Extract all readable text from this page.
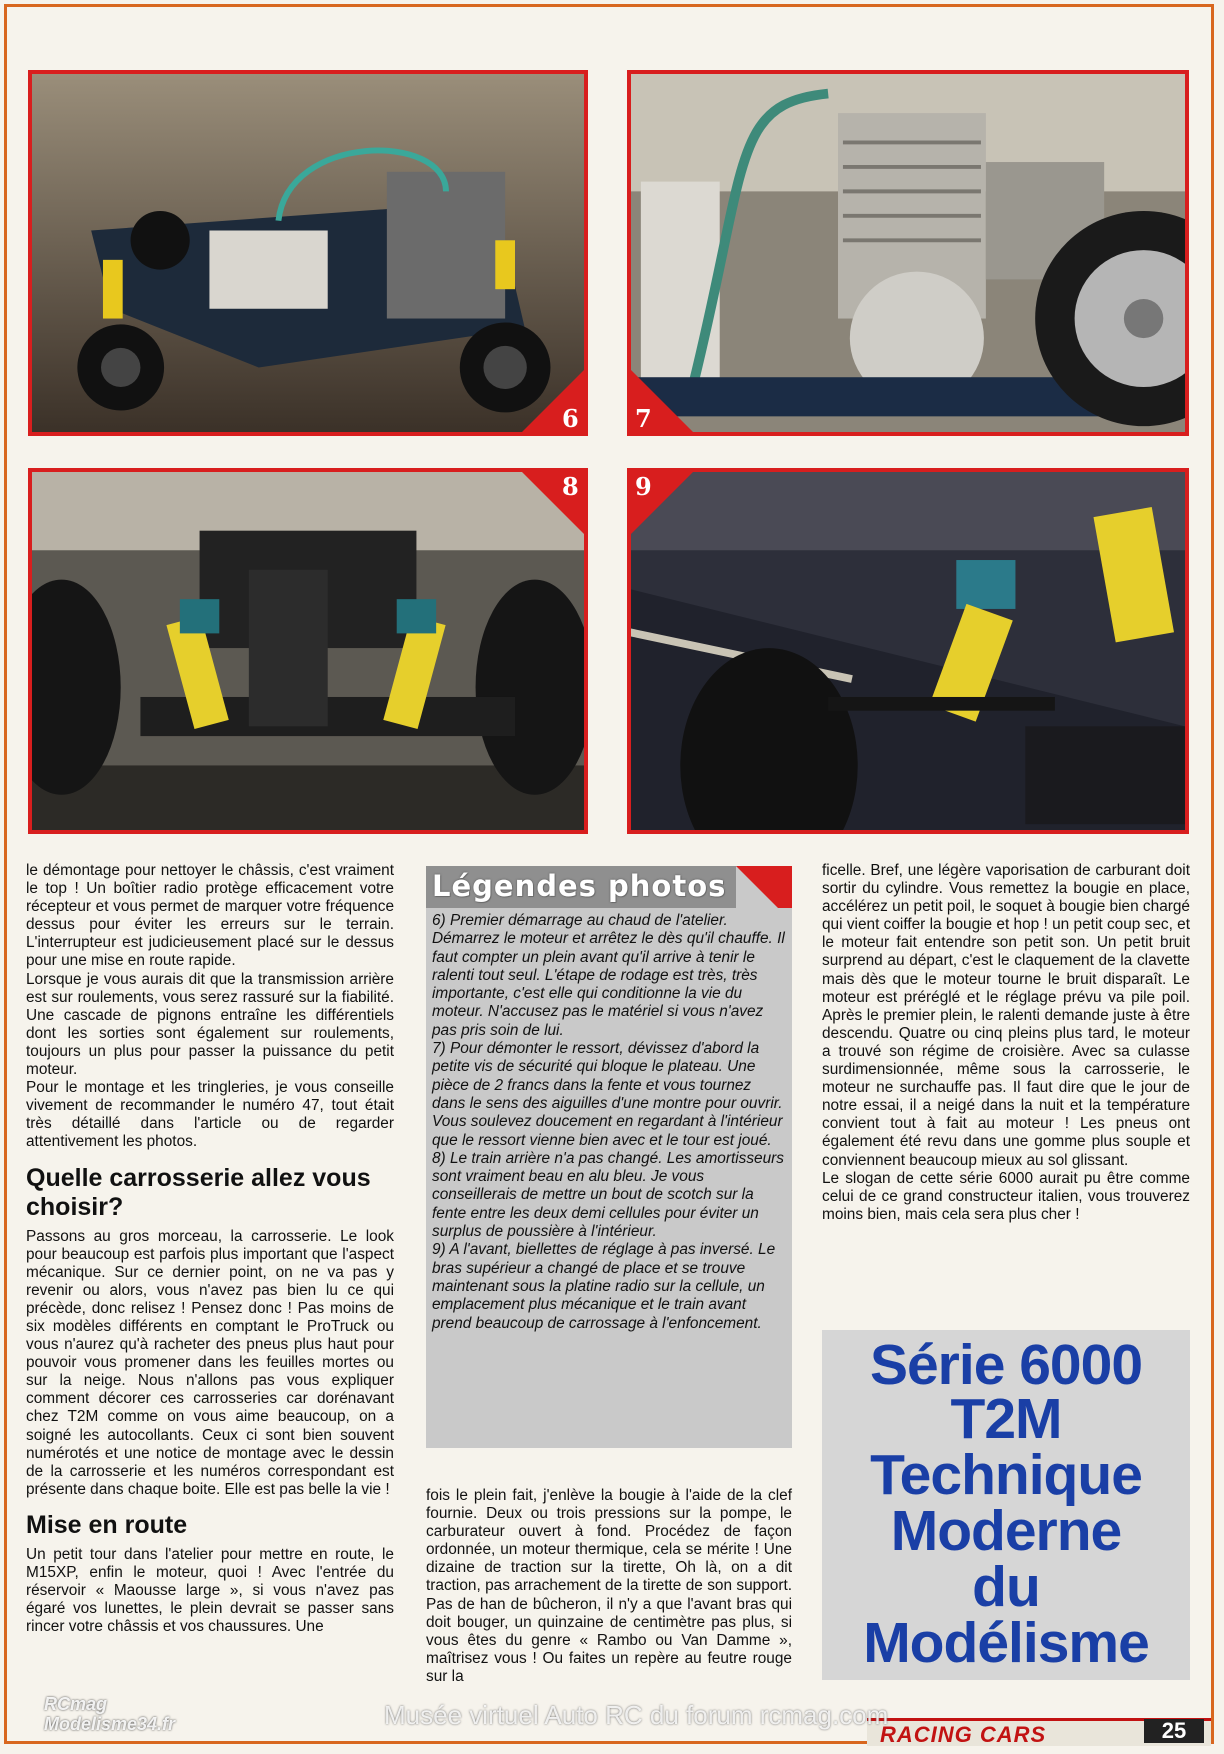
6 7
8 9

le démontage pour nettoyer le châssis, c'est vraiment le top ! Un boîtier radio protège efficacement votre récepteur et vous permet de marquer votre fréquence dessus pour éviter les erreurs sur le terrain. L'interrupteur est judicieusement placé sur le dessus pour une mise en route rapide.

Lorsque je vous aurais dit que la transmission arrière est sur roulements, vous serez rassuré sur la fiabilité. Une cascade de pignons entraîne les différentiels dont les sorties sont également sur roulements, toujours un plus pour passer la puissance du petit moteur.

Pour le montage et les tringleries, je vous conseille vivement de recommander le numéro 47, tout était très détaillé dans l'article ou de regarder attentivement les photos.

Quelle carrosserie allez vous choisir?

Passons au gros morceau, la carrosserie. Le look pour beaucoup est parfois plus important que l'aspect mécanique. Sur ce dernier point, on ne va pas y revenir ou alors, vous n'avez pas bien lu ce qui précède, donc relisez ! Pensez donc ! Pas moins de six modèles différents en comptant le ProTruck ou vous n'aurez qu'à racheter des pneus plus haut pour pouvoir vous promener dans les feuilles mortes ou sur la neige. Nous n'allons pas vous expliquer comment décorer ces carrosseries car dorénavant chez T2M comme on vous aime beaucoup, on a soigné les autocollants. Ceux ci sont bien souvent numérotés et une notice de montage avec le dessin de la carrosserie et les numéros correspondant est présente dans chaque boite. Elle est pas belle la vie !

Mise en route

Un petit tour dans l'atelier pour mettre en route, le M15XP, enfin le moteur, quoi ! Avec l'entrée du réservoir « Maousse large », si vous n'avez pas égaré vos lunettes, le plein devrait se passer sans rincer votre châssis et vos chaussures. Une

Légendes photos

6) Premier démarrage au chaud de l'atelier. Démarrez le moteur et arrêtez le dès qu'il chauffe. Il faut compter un plein avant qu'il arrive à tenir le ralenti tout seul. L'étape de rodage est très, très importante, c'est elle qui conditionne la vie du moteur. N'accusez pas le matériel si vous n'avez pas pris soin de lui.

7) Pour démonter le ressort, dévissez d'abord la petite vis de sécurité qui bloque le plateau. Une pièce de 2 francs dans la fente et vous tournez dans le sens des aiguilles d'une montre pour ouvrir. Vous soulevez doucement en regardant à l'intérieur que le ressort vienne bien avec et le tour est joué.

8) Le train arrière n'a pas changé. Les amortisseurs sont vraiment beau en alu bleu. Je vous conseillerais de mettre un bout de scotch sur la fente entre les deux demi cellules pour éviter un surplus de poussière à l'intérieur.

9) A l'avant, biellettes de réglage à pas inversé. Le bras supérieur a changé de place et se trouve maintenant sous la platine radio sur la cellule, un emplacement plus mécanique et le train avant prend beaucoup de carrossage à l'enfoncement.

fois le plein fait, j'enlève la bougie à l'aide de la clef fournie. Deux ou trois pressions sur la pompe, le carburateur ouvert à fond. Procédez de façon ordonnée, un moteur thermique, cela se mérite ! Une dizaine de traction sur la tirette, Oh là, on a dit traction, pas arrachement de la tirette de son support. Pas de han de bûcheron, il n'y a que l'avant bras qui doit bouger, un quinzaine de centimètre pas plus, si vous êtes du genre « Rambo ou Van Damme », maîtrisez vous ! Ou faites un repère au feutre rouge sur la

ficelle. Bref, une légère vaporisation de carburant doit sortir du cylindre. Vous remettez la bougie en place, accélérez un petit poil, le soquet à bougie bien chargé qui vient coiffer la bougie et hop ! un petit coup sec, et le moteur fait entendre son petit son. Un petit bruit surprend au départ, c'est le claquement de la clavette mais dès que le moteur tourne le bruit disparaît. Le moteur est préréglé et le réglage prévu va pile poil. Après le premier plein, le ralenti demande juste à être descendu. Quatre ou cinq pleins plus tard, le moteur a trouvé son régime de croisière. Avec sa culasse surdimensionnée, même sous la carrosserie, le moteur ne surchauffe pas. Il faut dire que le jour de notre essai, il a neigé dans la nuit et la température convient tout à fait au moteur ! Les pneus ont également été revu dans une gomme plus souple et conviennent beaucoup mieux au sol glissant.

Le slogan de cette série 6000 aurait pu être comme celui de ce grand constructeur italien, vous trouverez moins bien, mais cela sera plus cher !

Série 6000
T2M
Technique
Moderne
du
Modélisme
RCmag
Modelisme34.fr	Musée virtuel Auto RC du forum rcmag.com
RACING CARS	25
